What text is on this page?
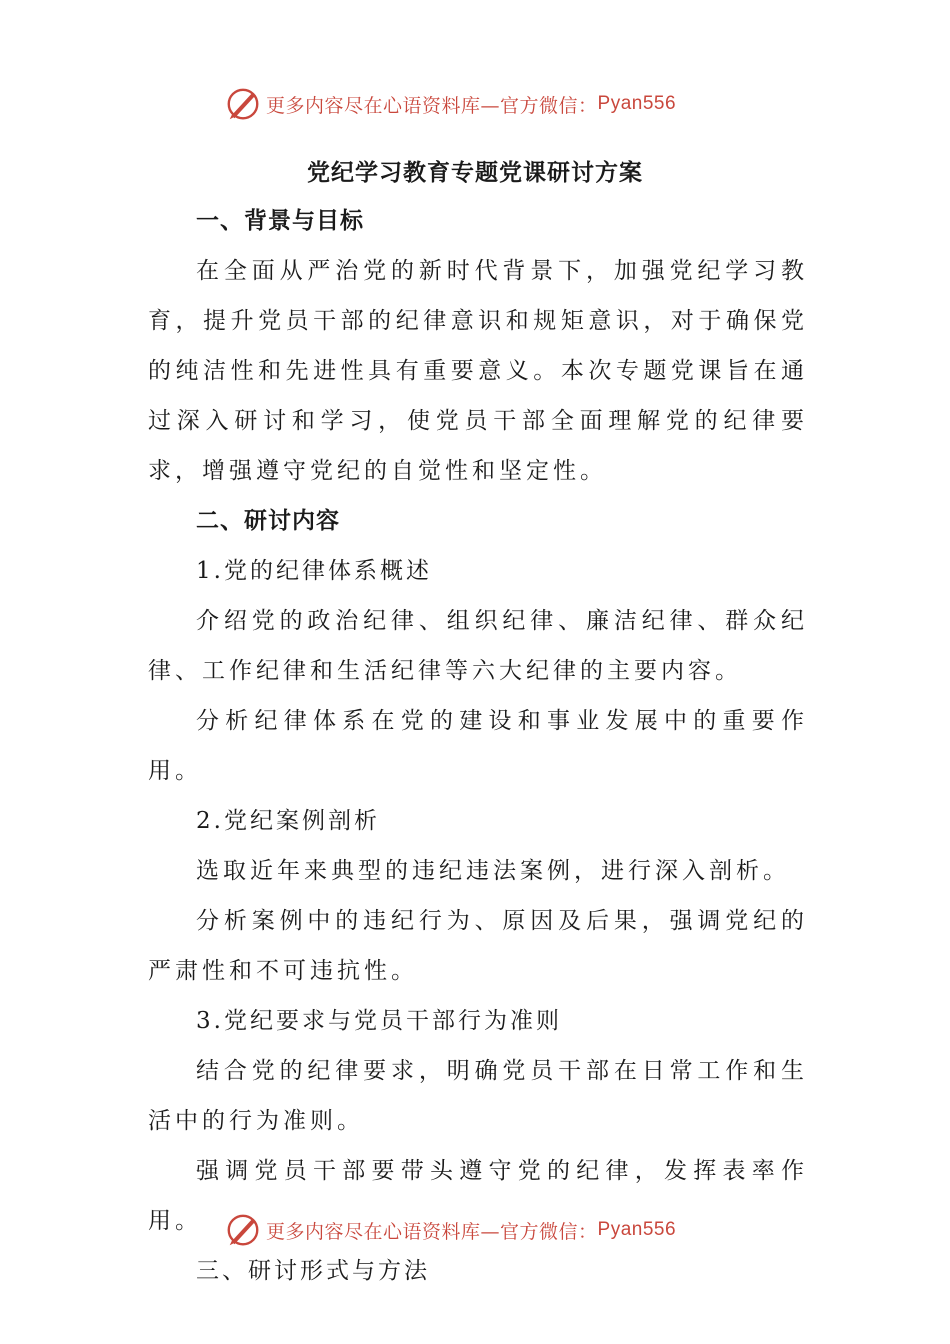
更多内容尽在心语资料库—官方微信： Pyan556
党纪学习教育专题党课研讨方案
一、背景与目标

在全面从严治党的新时代背景下，加强党纪学习教育，提升党员干部的纪律意识和规矩意识，对于确保党的纯洁性和先进性具有重要意义。本次专题党课旨在通过深入研讨和学习，使党员干部全面理解党的纪律要求，增强遵守党纪的自觉性和坚定性。

二、研讨内容
1.党的纪律体系概述

介绍党的政治纪律、组织纪律、廉洁纪律、群众纪律、工作纪律和生活纪律等六大纪律的主要内容。

分析纪律体系在党的建设和事业发展中的重要作用。

2.党纪案例剖析

选取近年来典型的违纪违法案例，进行深入剖析。

分析案例中的违纪行为、原因及后果，强调党纪的严肃性和不可违抗性。

3.党纪要求与党员干部行为准则

结合党的纪律要求，明确党员干部在日常工作和生活中的行为准则。

强调党员干部要带头遵守党的纪律，发挥表率作用。

三、研讨形式与方法
更多内容尽在心语资料库—官方微信： Pyan556
